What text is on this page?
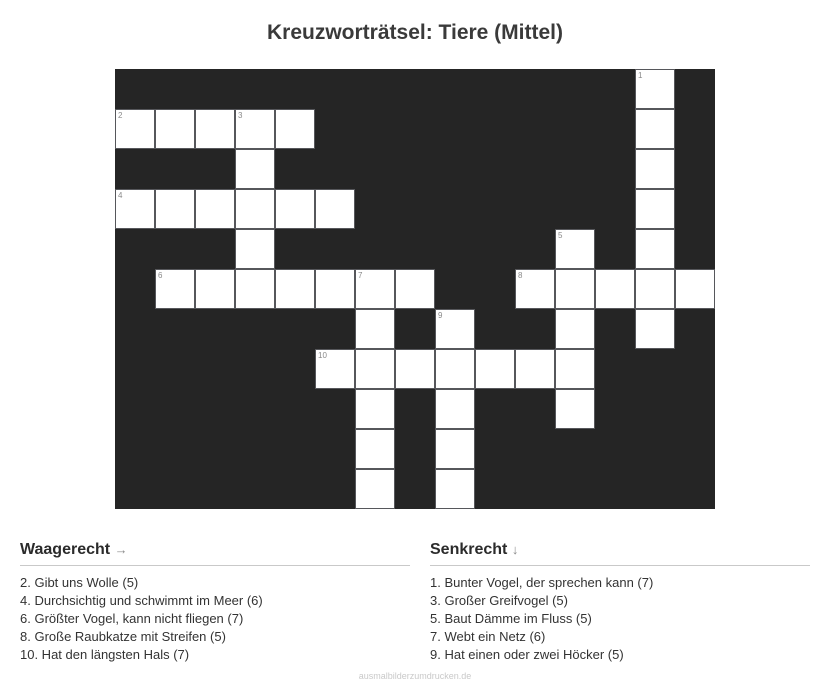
Kreuzworträtsel: Tiere (Mittel)
1
2	3
4
5
6	7	8
9
10
Waagerecht →
2. Gibt uns Wolle (5)
4. Durchsichtig und schwimmt im Meer (6)
6. Größter Vogel, kann nicht fliegen (7)
8. Große Raubkatze mit Streifen (5)
10. Hat den längsten Hals (7)
Senkrecht ↓
1. Bunter Vogel, der sprechen kann (7)
3. Großer Greifvogel (5)
5. Baut Dämme im Fluss (5)
7. Webt ein Netz (6)
9. Hat einen oder zwei Höcker (5)
ausmalbilderzumdrucken.de
